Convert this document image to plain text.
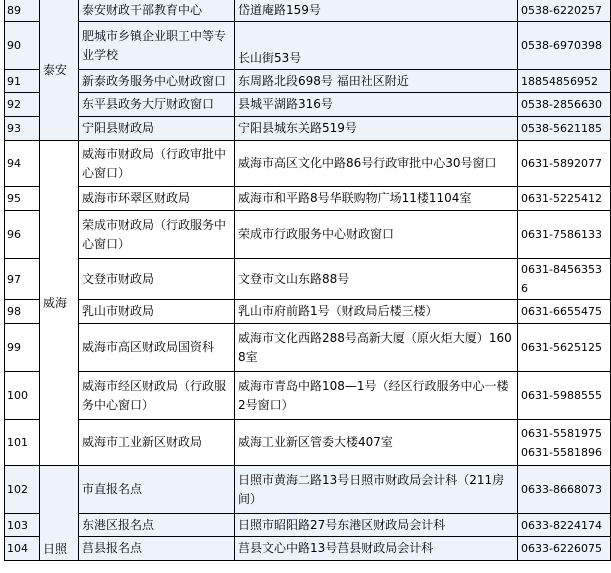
89	泰安	泰安财政干部教育中心	岱道庵路159号	0538-6220257
90		肥城市乡镇企业职工中等专业学校	长山街53号	0538-6970398
91		新泰政务服务中心财政窗口	东周路北段698号 福田社区附近	18854856952
92		东平县政务大厅财政窗口	县城平湖路316号	0538-2856630
93		宁阳县财政局	宁阳县城东关路519号	0538-5621185
94	威海	威海市财政局（行政审批中心窗口）	威海市高区文化中路86号行政审批中心30号窗口	0631-5892077
95		威海市环翠区财政局	威海市和平路8号华联购物广场11楼1104室	0631-5225412
96		荣成市财政局（行政服务中心窗口）	荣成市行政服务中心财政窗口	0631-7586133
97		文登市财政局	文登市文山东路88号	0631-84563536
98		乳山市财政局	乳山市府前路1号（财政局后楼三楼）	0631-6655475
99		威海市高区财政局国资科	威海市文化西路288号高新大厦（原火炬大厦）1608室	0631-5625125
100		威海市经区财政局（行政服务中心窗口）	威海市青岛中路108—1号（经区行政服务中心一楼2号窗口）	0631-5988555
101		威海市工业新区财政局	威海工业新区管委大楼407室	0631-5581975
0631-5581896

102	日照	市直报名点	日照市黄海二路13号日照市财政局会计科（211房间）	0633-8668073
103		东港区报名点	日照市昭阳路27号东港区财政局会计科	0633-8224174
104		莒县报名点	莒县文心中路13号莒县财政局会计科	0633-6226075
